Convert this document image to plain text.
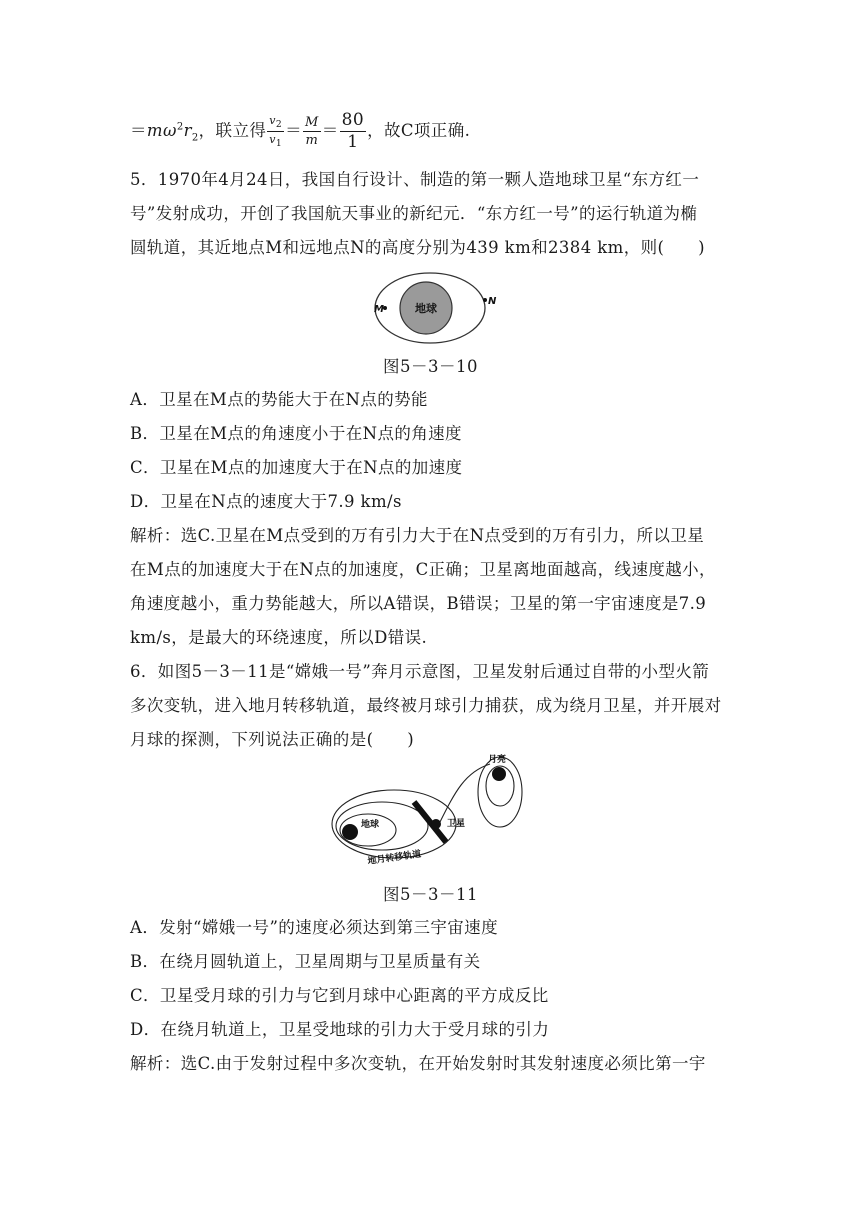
$=m\omega^2r_2$，联立得 $\frac{v_2}{v_1} = \frac{M}{m} = \frac{80}{1}$ ，故C项正确.
5．1970年4月24日，我国自行设计、制造的第一颗人造地球卫星“东方红一
号”发射成功，开创了我国航天事业的新纪元．“东方红一号”的运行轨道为椭
圆轨道，其近地点M和远地点N的高度分别为439 km和2384 km，则(　　)
地球
M
N
图5－3－10
A．卫星在M点的势能大于在N点的势能
B．卫星在M点的角速度小于在N点的角速度
C．卫星在M点的加速度大于在N点的加速度
D．卫星在N点的速度大于7.9 km/s
解析：选C.卫星在M点受到的万有引力大于在N点受到的万有引力，所以卫星
在M点的加速度大于在N点的加速度，C正确；卫星离地面越高，线速度越小，
角速度越小，重力势能越大，所以A错误，B错误；卫星的第一宇宙速度是7.9
km/s，是最大的环绕速度，所以D错误.
6．如图5－3－11是“嫦娥一号”奔月示意图，卫星发射后通过自带的小型火箭
多次变轨，进入地月转移轨道，最终被月球引力捕获，成为绕月卫星，并开展对
月球的探测，下列说法正确的是(　　)
月亮
地球	卫星
地月转移轨道
图5－3－11
A．发射“嫦娥一号”的速度必须达到第三宇宙速度
B．在绕月圆轨道上，卫星周期与卫星质量有关
C．卫星受月球的引力与它到月球中心距离的平方成反比
D．在绕月轨道上，卫星受地球的引力大于受月球的引力
解析：选C.由于发射过程中多次变轨，在开始发射时其发射速度必须比第一宇
